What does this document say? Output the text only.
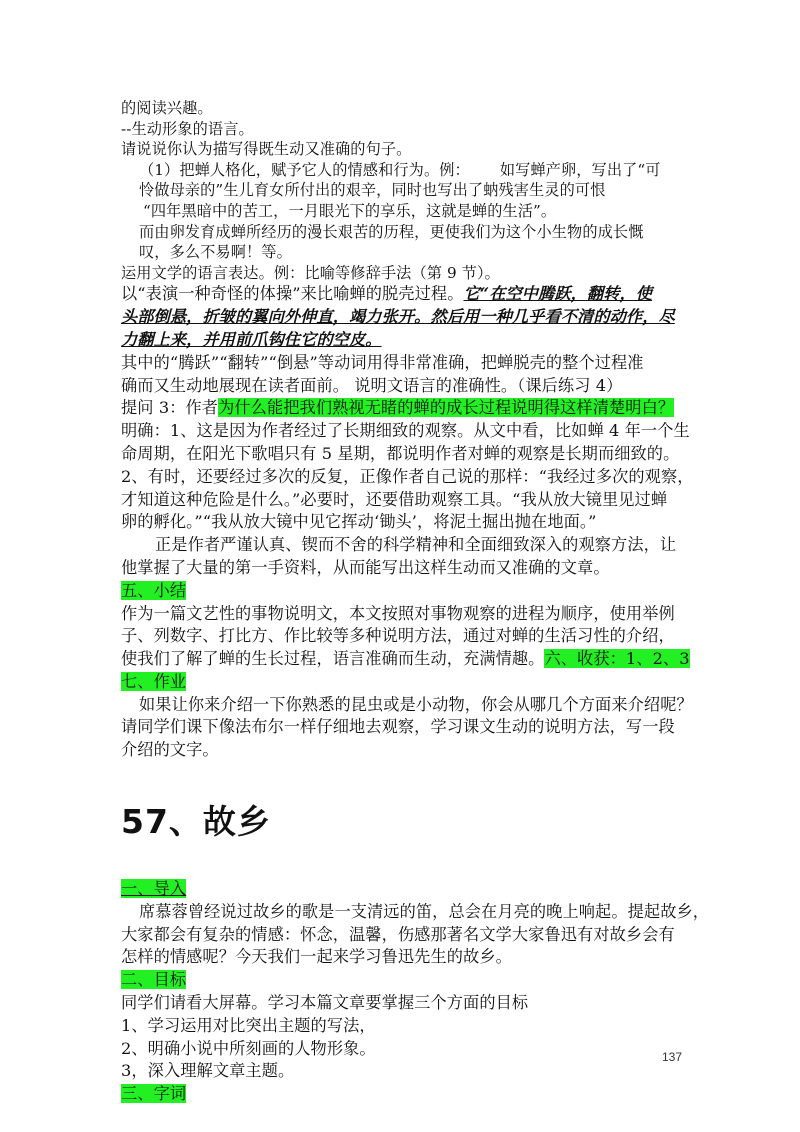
的阅读兴趣。
--生动形象的语言。
请说说你认为描写得既生动又准确的句子。
（1）把蝉人格化，赋予它人的情感和行为。例： 如写蝉产卵，写出了“可
怜做母亲的”生儿育女所付出的艰辛，同时也写出了蚋残害生灵的可恨
“四年黑暗中的苦工，一月眼光下的享乐，这就是蝉的生活”。
而由卵发育成蝉所经历的漫长艰苦的历程，更使我们为这个小生物的成长慨
叹，多么不易啊！等。
运用文学的语言表达。例：比喻等修辞手法（第 9 节）。
以“表演一种奇怪的体操”来比喻蝉的脱壳过程。它“在空中腾跃，翻转，使
头部倒悬，折皱的翼向外伸直，竭力张开。然后用一种几乎看不清的动作，尽
力翻上来，并用前爪钩住它的空皮。
其中的“腾跃”“翻转”“倒悬”等动词用得非常准确，把蝉脱壳的整个过程准
确而又生动地展现在读者面前。 说明文语言的准确性。（课后练习 4）
提问 3：作者为什么能把我们熟视无睹的蝉的成长过程说明得这样清楚明白？
明确：1、这是因为作者经过了长期细致的观察。从文中看，比如蝉 4 年一个生
命周期，在阳光下歌唱只有 5 星期，都说明作者对蝉的观察是长期而细致的。
2、有时，还要经过多次的反复，正像作者自己说的那样：“我经过多次的观察，
才知道这种危险是什么。”必要时，还要借助观察工具。“我从放大镜里见过蝉
卵的孵化。”“我从放大镜中见它挥动‘锄头’，将泥土掘出抛在地面。”
正是作者严谨认真、锲而不舍的科学精神和全面细致深入的观察方法，让
他掌握了大量的第一手资料，从而能写出这样生动而又准确的文章。
五、小结
作为一篇文艺性的事物说明文，本文按照对事物观察的进程为顺序，使用举例
子、列数字、打比方、作比较等多种说明方法，通过对蝉的生活习性的介绍，
使我们了解了蝉的生长过程，语言准确而生动，充满情趣。六、收获：1、2、3
七、作业
如果让你来介绍一下你熟悉的昆虫或是小动物，你会从哪几个方面来介绍呢？
请同学们课下像法布尔一样仔细地去观察，学习课文生动的说明方法，写一段
介绍的文字。
57、故乡
一、导入
席慕蓉曾经说过故乡的歌是一支清远的笛，总会在月亮的晚上响起。提起故乡，
大家都会有复杂的情感：怀念，温馨，伤感那著名文学大家鲁迅有对故乡会有
怎样的情感呢？今天我们一起来学习鲁迅先生的故乡。
二、目标
同学们请看大屏幕。学习本篇文章要掌握三个方面的目标
1、学习运用对比突出主题的写法，
2、明确小说中所刻画的人物形象。
3，深入理解文章主题。
三、字词
137
